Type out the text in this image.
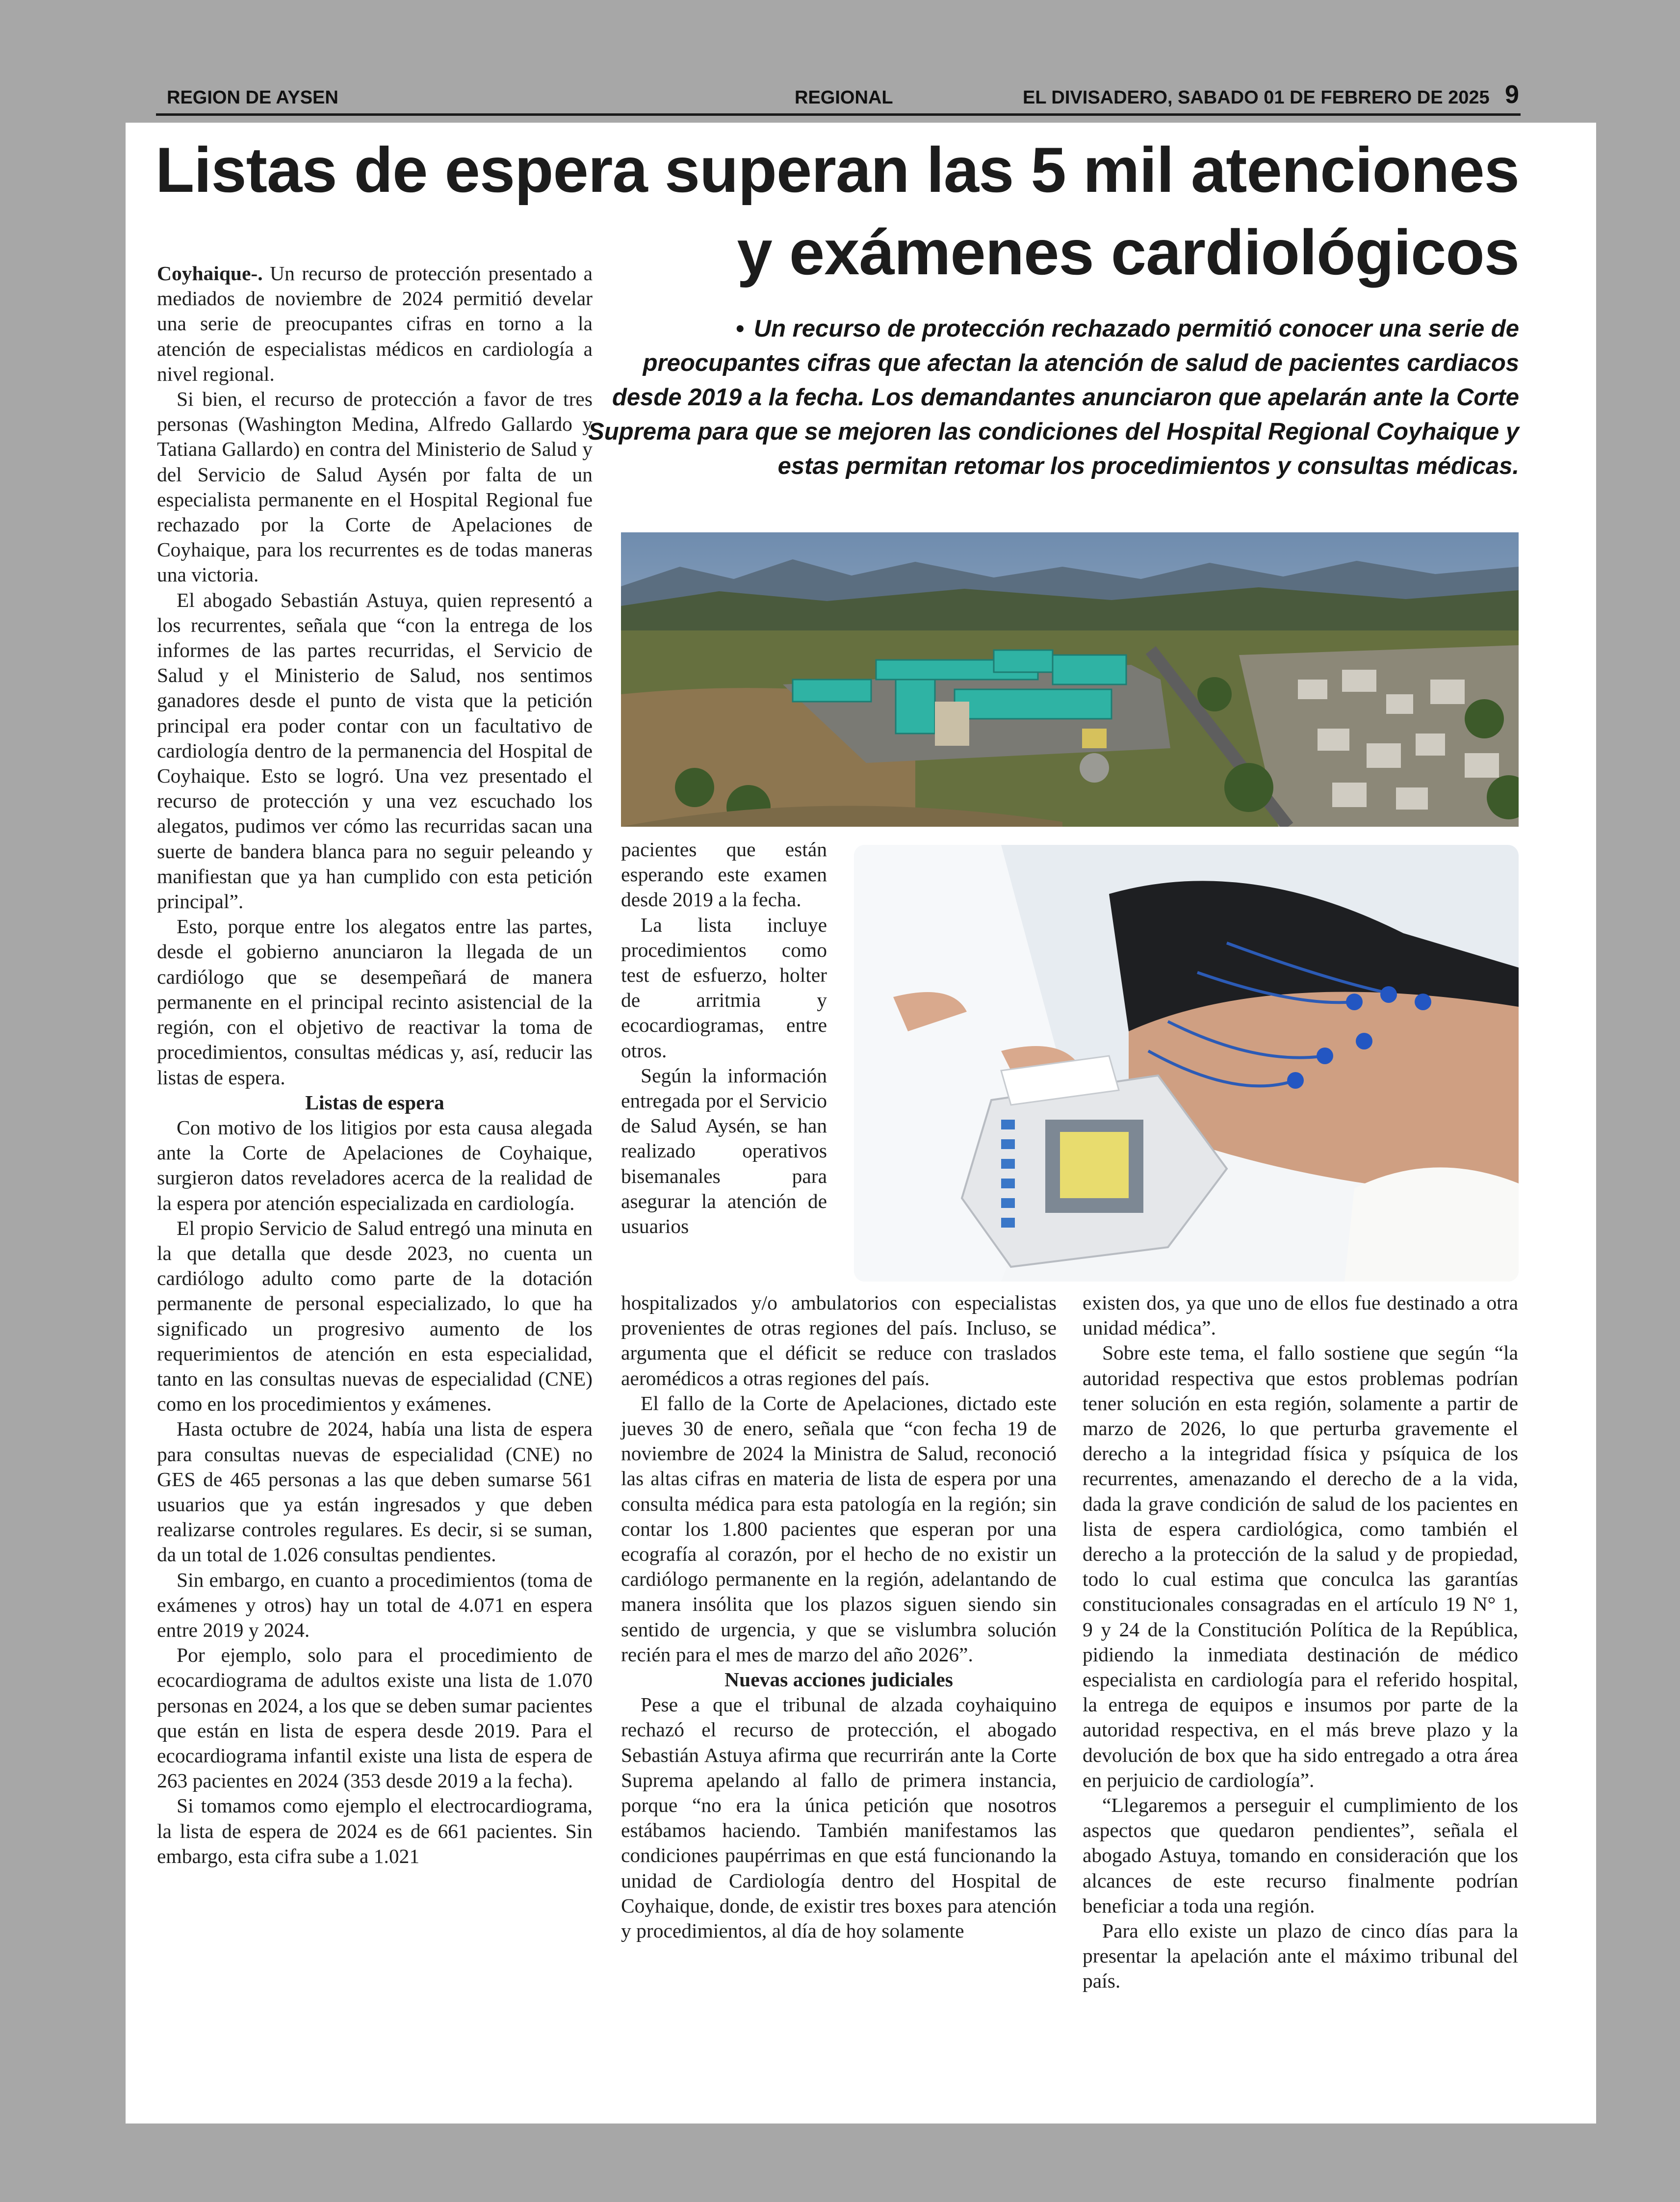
REGION DE AYSEN	REGIONAL	EL DIVISADERO, SABADO 01 DE FEBRERO DE 2025 9
Listas de espera superan las 5 mil atenciones y exámenes cardiológicos

• Un recurso de protección rechazado permitió conocer una serie de preocupantes cifras que afectan la atención de salud de pacientes cardiacos desde 2019 a la fecha. Los demandantes anunciaron que apelarán ante la Corte Suprema para que se mejoren las condiciones del Hospital Regional Coyhaique y estas permitan retomar los procedimientos y consultas médicas.

Coyhaique-. Un recurso de protección presentado a mediados de noviembre de 2024 permitió develar una serie de preocupantes cifras en torno a la atención de especialistas médicos en cardiología a nivel regional.

Si bien, el recurso de protección a favor de tres personas (Washington Medina, Alfredo Gallardo y Tatiana Gallardo) en contra del Ministerio de Salud y del Servicio de Salud Aysén por falta de un especialista permanente en el Hospital Regional fue rechazado por la Corte de Apelaciones de Coyhaique, para los recurrentes es de todas maneras una victoria.

El abogado Sebastián Astuya, quien representó a los recurrentes, señala que “con la entrega de los informes de las partes recurridas, el Servicio de Salud y el Ministerio de Salud, nos sentimos ganadores desde el punto de vista que la petición principal era poder contar con un facultativo de cardiología dentro de la permanencia del Hospital de Coyhaique. Esto se logró. Una vez presentado el recurso de protección y una vez escuchado los alegatos, pudimos ver cómo las recurridas sacan una suerte de bandera blanca para no seguir peleando y manifiestan que ya han cumplido con esta petición principal”.

Esto, porque entre los alegatos entre las partes, desde el gobierno anunciaron la llegada de un cardiólogo que se desempeñará de manera permanente en el principal recinto asistencial de la región, con el objetivo de reactivar la toma de procedimientos, consultas médicas y, así, reducir las listas de espera.

Listas de espera

Con motivo de los litigios por esta causa alegada ante la Corte de Apelaciones de Coyhaique, surgieron datos reveladores acerca de la realidad de la espera por atención especializada en cardiología.

El propio Servicio de Salud entregó una minuta en la que detalla que desde 2023, no cuenta un cardiólogo adulto como parte de la dotación permanente de personal especializado, lo que ha significado un progresivo aumento de los requerimientos de atención en esta especialidad, tanto en las consultas nuevas de especialidad (CNE) como en los procedimientos y exámenes.

Hasta octubre de 2024, había una lista de espera para consultas nuevas de especialidad (CNE) no GES de 465 personas a las que deben sumarse 561 usuarios que ya están ingresados y que deben realizarse controles regulares. Es decir, si se suman, da un total de 1.026 consultas pendientes.

Sin embargo, en cuanto a procedimientos (toma de exámenes y otros) hay un total de 4.071 en espera entre 2019 y 2024.

Por ejemplo, solo para el procedimiento de ecocardiograma de adultos existe una lista de 1.070 personas en 2024, a los que se deben sumar pacientes que están en lista de espera desde 2019. Para el ecocardiograma infantil existe una lista de espera de 263 pacientes en 2024 (353 desde 2019 a la fecha).

Si tomamos como ejemplo el electrocardiograma, la lista de espera de 2024 es de 661 pacientes. Sin embargo, esta cifra sube a 1.021

pacientes que están esperando este examen desde 2019 a la fecha.

La lista incluye procedimientos como test de esfuerzo, holter de arritmia y ecocardiogramas, entre otros.

Según la información entregada por el Servicio de Salud Aysén, se han realizado operativos bisemanales para asegurar la atención de usuarios

hospitalizados y/o ambulatorios con especialistas provenientes de otras regiones del país. Incluso, se argumenta que el déficit se reduce con traslados aeromédicos a otras regiones del país.

El fallo de la Corte de Apelaciones, dictado este jueves 30 de enero, señala que “con fecha 19 de noviembre de 2024 la Ministra de Salud, reconoció las altas cifras en materia de lista de espera por una consulta médica para esta patología en la región; sin contar los 1.800 pacientes que esperan por una ecografía al corazón, por el hecho de no existir un cardiólogo permanente en la región, adelantando de manera insólita que los plazos siguen siendo sin sentido de urgencia, y que se vislumbra solución recién para el mes de marzo del año 2026”.

Nuevas acciones judiciales

Pese a que el tribunal de alzada coyhaiquino rechazó el recurso de protección, el abogado Sebastián Astuya afirma que recurrirán ante la Corte Suprema apelando al fallo de primera instancia, porque “no era la única petición que nosotros estábamos haciendo. También manifestamos las condiciones paupérrimas en que está funcionando la unidad de Cardiología dentro del Hospital de Coyhaique, donde, de existir tres boxes para atención y procedimientos, al día de hoy solamente

existen dos, ya que uno de ellos fue destinado a otra unidad médica”.

Sobre este tema, el fallo sostiene que según “la autoridad respectiva que estos problemas podrían tener solución en esta región, solamente a partir de marzo de 2026, lo que perturba gravemente el derecho a la integridad física y psíquica de los recurrentes, amenazando el derecho de a la vida, dada la grave condición de salud de los pacientes en lista de espera cardiológica, como también el derecho a la protección de la salud y de propiedad, todo lo cual estima que conculca las garantías constitucionales consagradas en el artículo 19 N° 1, 9 y 24 de la Constitución Política de la República, pidiendo la inmediata destinación de médico especialista en cardiología para el referido hospital, la entrega de equipos e insumos por parte de la autoridad respectiva, en el más breve plazo y la devolución de box que ha sido entregado a otra área en perjuicio de cardiología”.

“Llegaremos a perseguir el cumplimiento de los aspectos que quedaron pendientes”, señala el abogado Astuya, tomando en consideración que los alcances de este recurso finalmente podrían beneficiar a toda una región.

Para ello existe un plazo de cinco días para la presentar la apelación ante el máximo tribunal del país.
